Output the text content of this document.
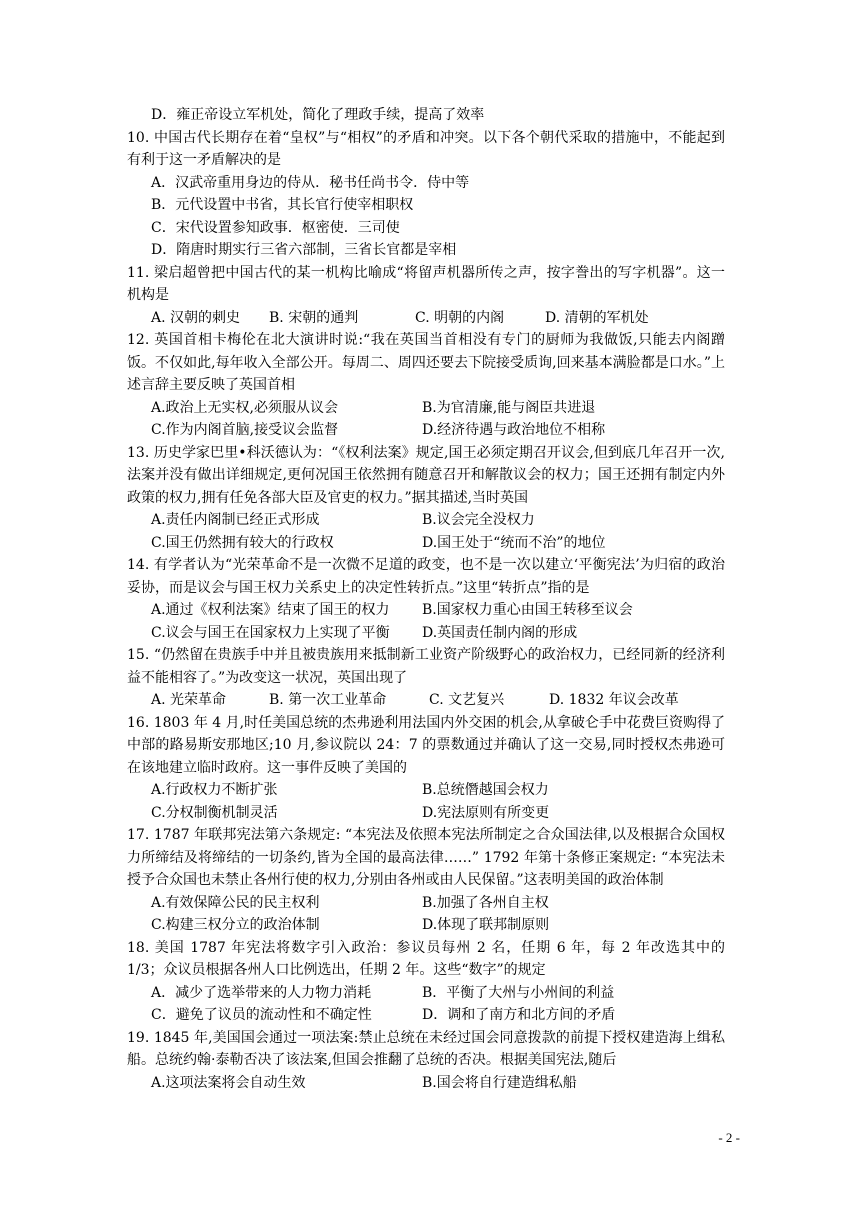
D．雍正帝设立军机处，简化了理政手续，提高了效率

10. 中国古代长期存在着“皇权”与“相权”的矛盾和冲突。以下各个朝代采取的措施中，不能起到有利于这一矛盾解决的是

A．汉武帝重用身边的侍从．秘书任尚书令．侍中等
B．元代设置中书省，其长官行使宰相职权
C．宋代设置参知政事．枢密使．三司使
D．隋唐时期实行三省六部制，三省长官都是宰相

11. 梁启超曾把中国古代的某一机构比喻成“将留声机器所传之声，按字誊出的写字机器”。这一机构是

A. 汉朝的刺史	B. 宋朝的通判	C. 明朝的内阁	D. 清朝的军机处

12. 英国首相卡梅伦在北大演讲时说:“我在英国当首相没有专门的厨师为我做饭,只能去内阁蹭饭。不仅如此,每年收入全部公开。每周二、周四还要去下院接受质询,回来基本满脸都是口水。”上述言辞主要反映了英国首相

A.政治上无实权,必须服从议会	B.为官清廉,能与阁臣共进退
C.作为内阁首脑,接受议会监督	D.经济待遇与政治地位不相称

13. 历史学家巴里•科沃德认为：“《权利法案》规定,国王必须定期召开议会,但到底几年召开一次,法案并没有做出详细规定,更何况国王依然拥有随意召开和解散议会的权力；国王还拥有制定内外政策的权力,拥有任免各部大臣及官吏的权力。”据其描述,当时英国

A.责任内阁制已经正式形成	B.议会完全没权力
C.国王仍然拥有较大的行政权	D.国王处于“统而不治”的地位

14. 有学者认为“光荣革命不是一次微不足道的政变，也不是一次以建立‘平衡宪法’为归宿的政治妥协，而是议会与国王权力关系史上的决定性转折点。”这里“转折点”指的是

A.通过《权利法案》结束了国王的权力	B.国家权力重心由国王转移至议会
C.议会与国王在国家权力上实现了平衡	D.英国责任制内阁的形成

15. “仍然留在贵族手中并且被贵族用来抵制新工业资产阶级野心的政治权力，已经同新的经济利益不能相容了。”为改变这一状况，英国出现了

A. 光荣革命	B. 第一次工业革命	C. 文艺复兴	D. 1832 年议会改革

16. 1803 年 4 月,时任美国总统的杰弗逊利用法国内外交困的机会,从拿破仑手中花费巨资购得了中部的路易斯安那地区;10 月,参议院以 24：7 的票数通过并确认了这一交易,同时授权杰弗逊可在该地建立临时政府。这一事件反映了美国的

A.行政权力不断扩张	B.总统僭越国会权力
C.分权制衡机制灵活	D.宪法原则有所变更

17. 1787 年联邦宪法第六条规定: “本宪法及依照本宪法所制定之合众国法律,以及根据合众国权力所缔结及将缔结的一切条约,皆为全国的最高法律……” 1792 年第十条修正案规定: “本宪法未授予合众国也未禁止各州行使的权力,分别由各州或由人民保留。”这表明美国的政治体制

A.有效保障公民的民主权利	B.加强了各州自主权
C.构建三权分立的政治体制	D.体现了联邦制原则

18. 美国 1787 年宪法将数字引入政治：参议员每州 2 名，任期 6 年，每 2 年改选其中的 1/3；众议员根据各州人口比例选出，任期 2 年。这些“数字”的规定

A．减少了选举带来的人力物力消耗	B．平衡了大州与小州间的利益
C．避免了议员的流动性和不确定性	D．调和了南方和北方间的矛盾

19. 1845 年,美国国会通过一项法案:禁止总统在未经过国会同意拨款的前提下授权建造海上缉私船。总统约翰·泰勒否决了该法案,但国会推翻了总统的否决。根据美国宪法,随后

A.这项法案将会自动生效	B.国会将自行建造缉私船
- 2 -
